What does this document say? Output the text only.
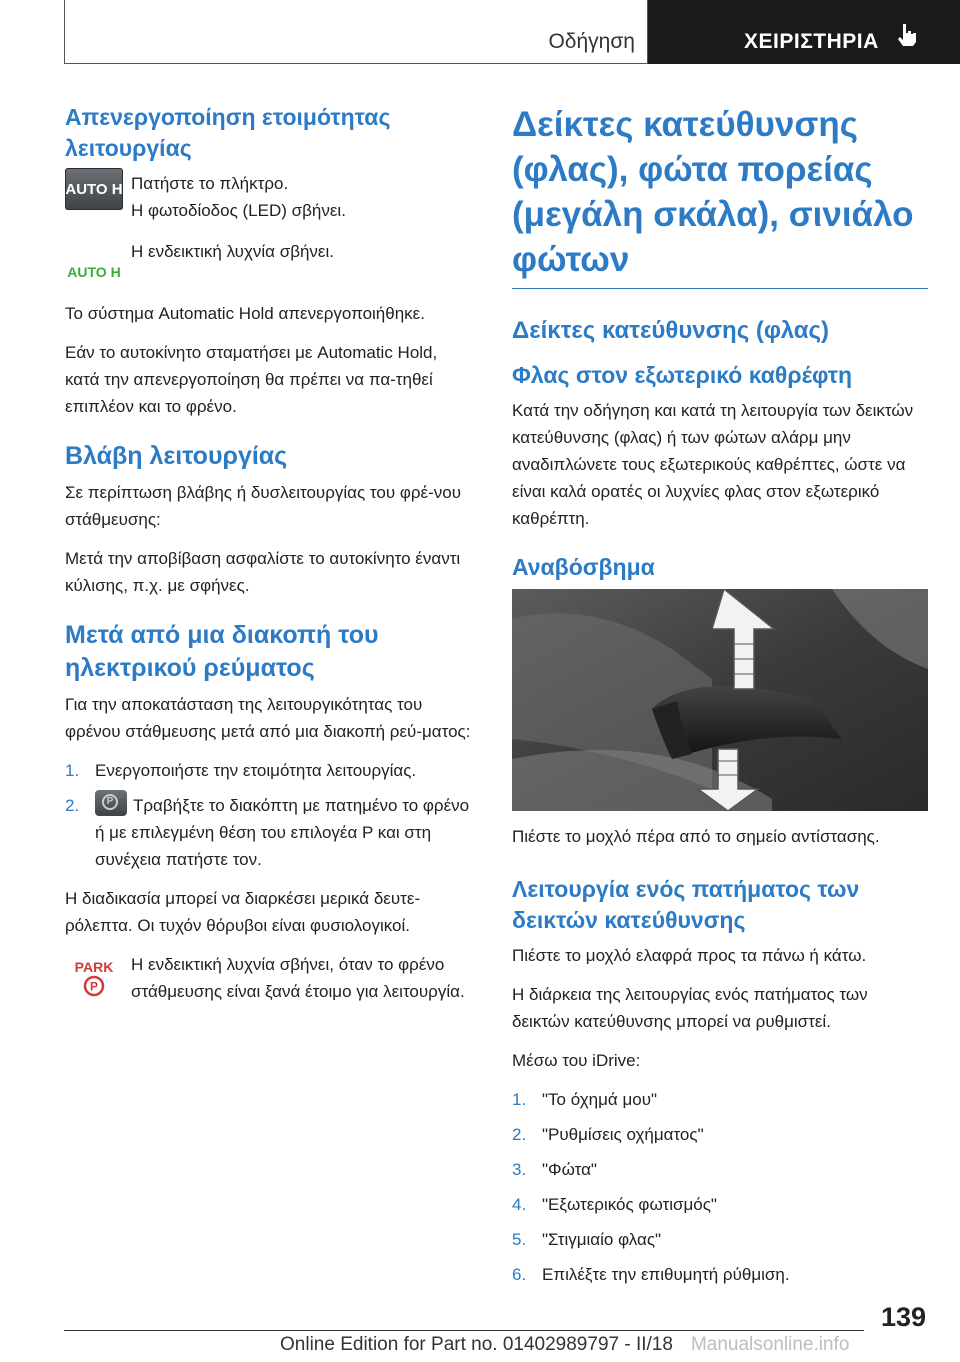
Οδήγηση	ΧΕΙΡΙΣΤΗΡΙΑ
Απενεργοποίηση ετοιμότητας λειτουργίας
AUTO H Πατήστε το πλήκτρο.

Η φωτοδίοδος (LED) σβήνει.

AUTO H

Η ενδεικτική λυχνία σβήνει.

Το σύστημα Automatic Hold απενεργοποιήθηκε.

Εάν το αυτοκίνητο σταματήσει με Automatic Hold, κατά την απενεργοποίηση θα πρέπει να πα‐τηθεί επιπλέον και το φρένο.

Βλάβη λειτουργίας

Σε περίπτωση βλάβης ή δυσλειτουργίας του φρέ‐νου στάθμευσης:

Μετά την αποβίβαση ασφαλίστε το αυτοκίνητο έναντι κύλισης, π.χ. με σφήνες.

Μετά από μια διακοπή του ηλεκτρικού ρεύματος

Για την αποκατάσταση της λειτουργικότητας του φρένου στάθμευσης μετά από μια διακοπή ρεύ‐ματος:

1. Ενεργοποιήστε την ετοιμότητα λειτουργίας.
2.	P Τραβήξτε το διακόπτη με πατημένο το φρένο ή με επιλεγμένη θέση του επιλογέα P και στη συνέχεια πατήστε τον.

Η διαδικασία μπορεί να διαρκέσει μερικά δευτε‐ρόλεπτα. Οι τυχόν θόρυβοι είναι φυσιολογικοί.

PARK
P

Η ενδεικτική λυχνία σβήνει, όταν το φρένο στάθμευσης είναι ξανά έτοιμο για λειτουργία.

Δείκτες κατεύθυνσης (φλας), φώτα πορείας (μεγάλη σκάλα), σινιάλο φώτων
Δείκτες κατεύθυνσης (φλας)
Φλας στον εξωτερικό καθρέφτη

Κατά την οδήγηση και κατά τη λειτουργία των δεικτών κατεύθυνσης (φλας) ή των φώτων αλάρμ μην αναδιπλώνετε τους εξωτερικούς καθρέπτες, ώστε να είναι καλά ορατές οι λυχνίες φλας στον εξωτερικό καθρέπτη.

Αναβόσβημα

Πιέστε το μοχλό πέρα από το σημείο αντίστασης.

Λειτουργία ενός πατήματος των δεικτών κατεύθυνσης

Πιέστε το μοχλό ελαφρά προς τα πάνω ή κάτω.

Η διάρκεια της λειτουργίας ενός πατήματος των δεικτών κατεύθυνσης μπορεί να ρυθμιστεί.

Μέσω του iDrive:

1. "Το όχημά μου"
2. "Ρυθμίσεις οχήματος"
3. "Φώτα"
4. "Εξωτερικός φωτισμός"
5. "Στιγμιαίο φλας"
6. Επιλέξτε την επιθυμητή ρύθμιση.
139
Online Edition for Part no. 01402989797 - II/18 Manualsonline.info
